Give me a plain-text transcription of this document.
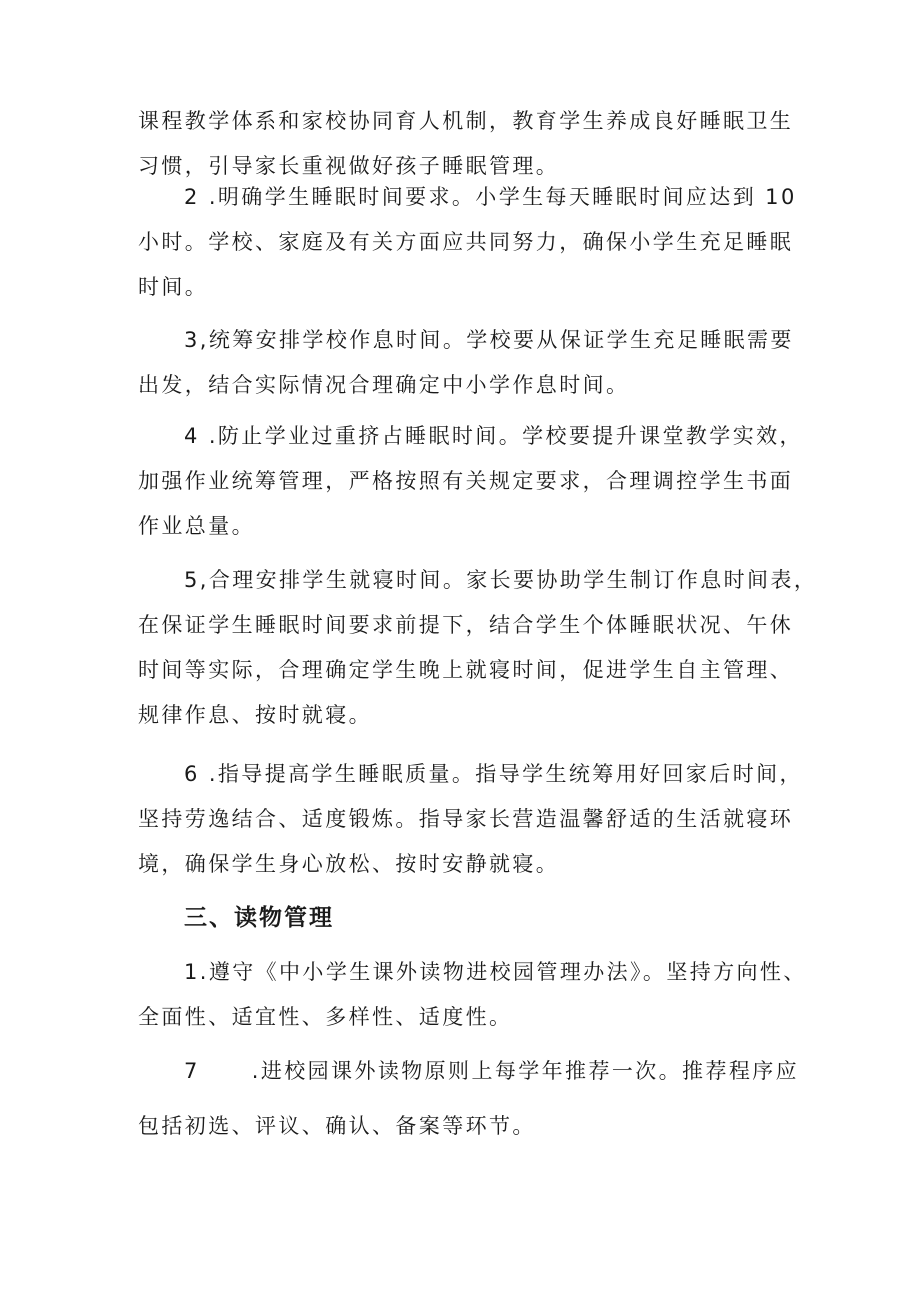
课程教学体系和家校协同育人机制，教育学生养成良好睡眠卫生
习惯，引导家长重视做好孩子睡眠管理。

2 .明确学生睡眠时间要求。小学生每天睡眠时间应达到 10
小时。学校、家庭及有关方面应共同努力，确保小学生充足睡眠
时间。

3,统筹安排学校作息时间。学校要从保证学生充足睡眠需要
出发，结合实际情况合理确定中小学作息时间。

4 .防止学业过重挤占睡眠时间。学校要提升课堂教学实效，
加强作业统筹管理，严格按照有关规定要求，合理调控学生书面
作业总量。

5,合理安排学生就寝时间。家长要协助学生制订作息时间表，
在保证学生睡眠时间要求前提下，结合学生个体睡眠状况、午休
时间等实际，合理确定学生晚上就寝时间，促进学生自主管理、
规律作息、按时就寝。

6 .指导提高学生睡眠质量。指导学生统筹用好回家后时间，
坚持劳逸结合、适度锻炼。指导家长营造温馨舒适的生活就寝环
境，确保学生身心放松、按时安静就寝。

三、读物管理

1.遵守《中小学生课外读物进校园管理办法》。坚持方向性、
全面性、适宜性、多样性、适度性。

7 .进校园课外读物原则上每学年推荐一次。推荐程序应
包括初选、评议、确认、备案等环节。
